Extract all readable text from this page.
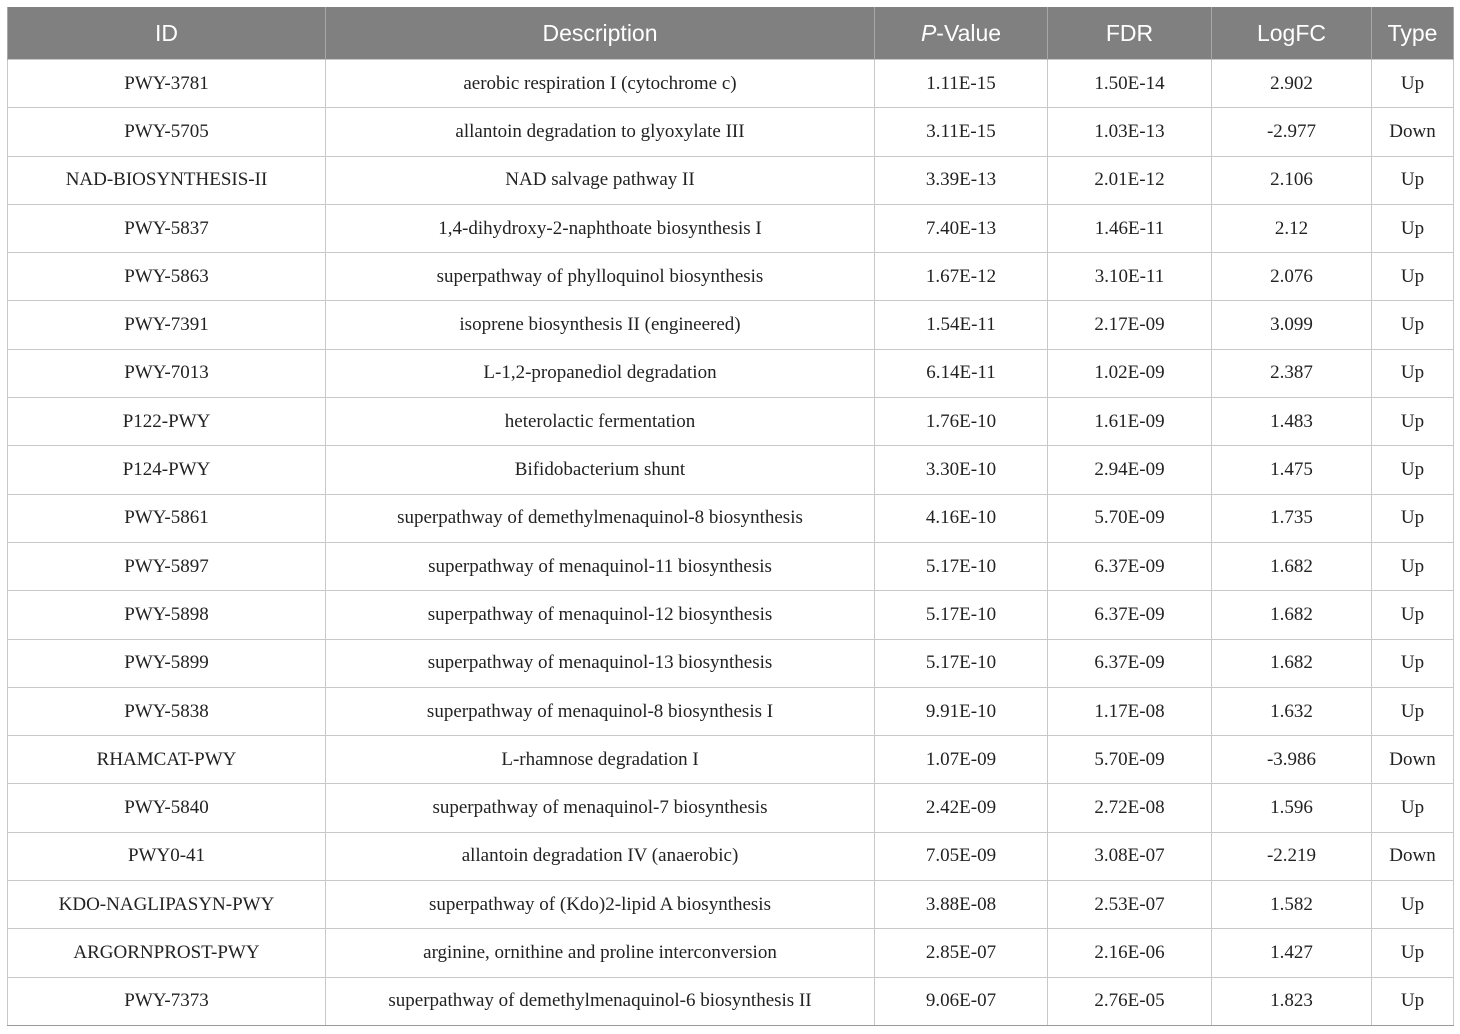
ID	Description	P-Value	FDR	LogFC	Type
PWY-3781	aerobic respiration I (cytochrome c)	1.11E-15	1.50E-14	2.902	Up
PWY-5705	allantoin degradation to glyoxylate III	3.11E-15	1.03E-13	-2.977	Down
NAD-BIOSYNTHESIS-II	NAD salvage pathway II	3.39E-13	2.01E-12	2.106	Up
PWY-5837	1,4-dihydroxy-2-naphthoate biosynthesis I	7.40E-13	1.46E-11	2.12	Up
PWY-5863	superpathway of phylloquinol biosynthesis	1.67E-12	3.10E-11	2.076	Up
PWY-7391	isoprene biosynthesis II (engineered)	1.54E-11	2.17E-09	3.099	Up
PWY-7013	L-1,2-propanediol degradation	6.14E-11	1.02E-09	2.387	Up
P122-PWY	heterolactic fermentation	1.76E-10	1.61E-09	1.483	Up
P124-PWY	Bifidobacterium shunt	3.30E-10	2.94E-09	1.475	Up
PWY-5861	superpathway of demethylmenaquinol-8 biosynthesis	4.16E-10	5.70E-09	1.735	Up
PWY-5897	superpathway of menaquinol-11 biosynthesis	5.17E-10	6.37E-09	1.682	Up
PWY-5898	superpathway of menaquinol-12 biosynthesis	5.17E-10	6.37E-09	1.682	Up
PWY-5899	superpathway of menaquinol-13 biosynthesis	5.17E-10	6.37E-09	1.682	Up
PWY-5838	superpathway of menaquinol-8 biosynthesis I	9.91E-10	1.17E-08	1.632	Up
RHAMCAT-PWY	L-rhamnose degradation I	1.07E-09	5.70E-09	-3.986	Down
PWY-5840	superpathway of menaquinol-7 biosynthesis	2.42E-09	2.72E-08	1.596	Up
PWY0-41	allantoin degradation IV (anaerobic)	7.05E-09	3.08E-07	-2.219	Down
KDO-NAGLIPASYN-PWY	superpathway of (Kdo)2-lipid A biosynthesis	3.88E-08	2.53E-07	1.582	Up
ARGORNPROST-PWY	arginine, ornithine and proline interconversion	2.85E-07	2.16E-06	1.427	Up
PWY-7373	superpathway of demethylmenaquinol-6 biosynthesis II	9.06E-07	2.76E-05	1.823	Up
